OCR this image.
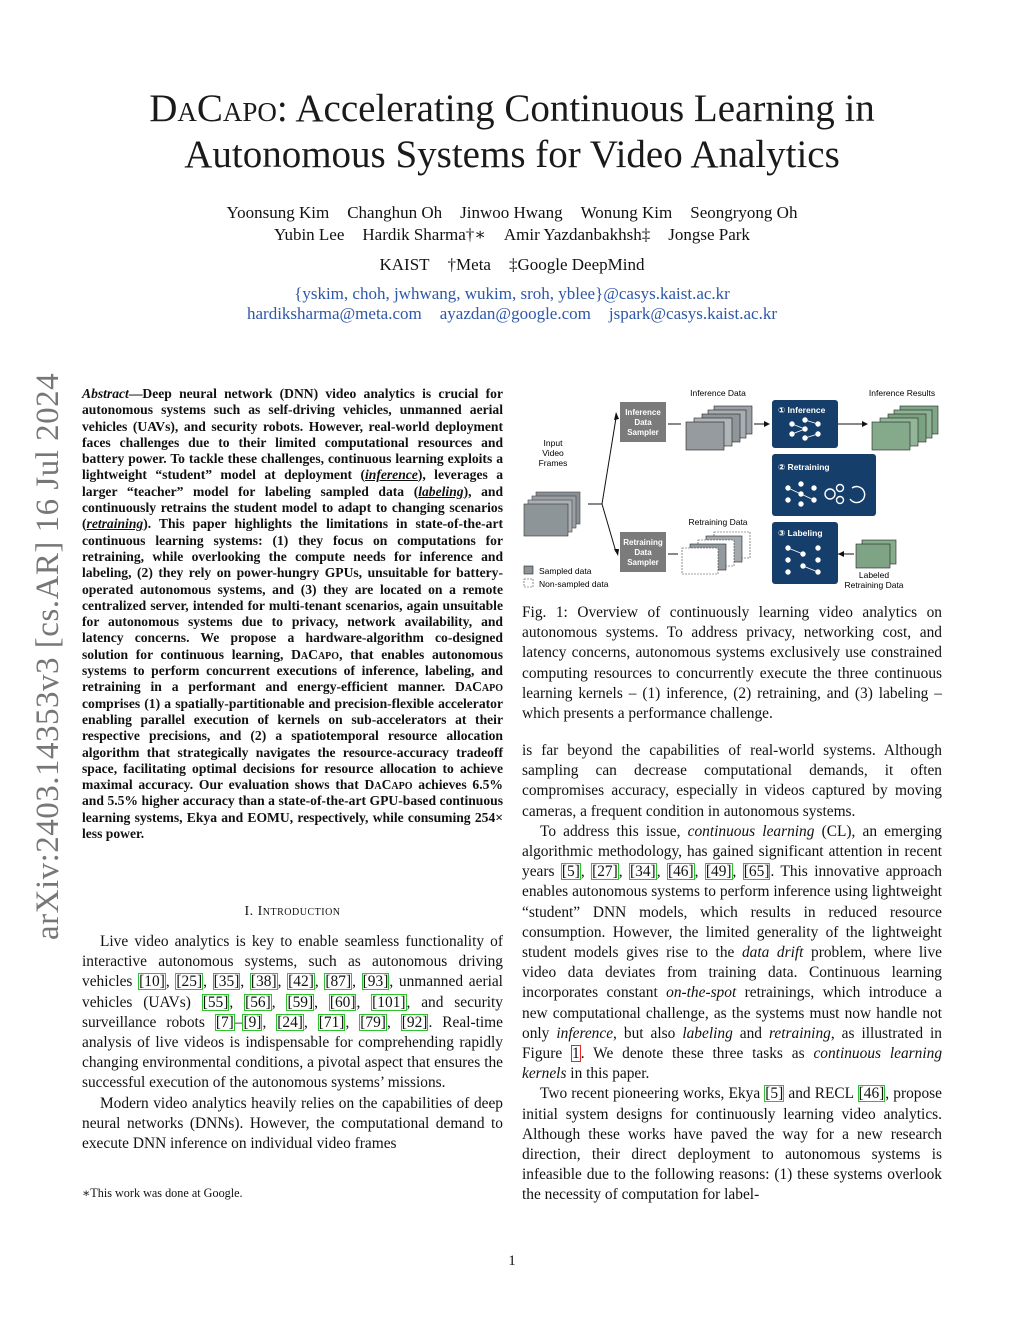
DaCapo: Accelerating Continuous Learning in
Autonomous Systems for Video Analytics
Yoonsung Kim Changhun Oh Jinwoo Hwang Wonung Kim Seongryong Oh
Yubin Lee Hardik Sharma†∗ Amir Yazdanbakhsh‡ Jongse Park
KAIST †Meta ‡Google DeepMind
{yskim, choh, jwhwang, wukim, sroh, yblee}@casys.kaist.ac.kr
hardiksharma@meta.com ayazdan@google.com jspark@casys.kaist.ac.kr
arXiv:2403.14353v3 [cs.AR] 16 Jul 2024 Abstract—Deep neural network (DNN) video analytics is crucial for autonomous systems such as self-driving vehicles, unmanned aerial vehicles (UAVs), and security robots. However, real-world deployment faces challenges due to their limited computational resources and battery power. To tackle these challenges, continuous learning exploits a lightweight “student” model at deployment (inference), leverages a larger “teacher” model for labeling sampled data (labeling), and continuously retrains the student model to adapt to changing scenarios (retraining). This paper highlights the limitations in state-of-the-art continuous learning systems: (1) they focus on computations for retraining, while overlooking the compute needs for inference and labeling, (2) they rely on power-hungry GPUs, unsuitable for battery-operated autonomous systems, and (3) they are located on a remote centralized server, intended for multi-tenant scenarios, again unsuitable for autonomous systems due to privacy, network availability, and latency concerns. We propose a hardware-algorithm co-designed solution for continuous learning, DaCapo, that enables autonomous systems to perform concurrent executions of inference, labeling, and retraining in a performant and energy-efficient manner. DaCapo comprises (1) a spatially-partitionable and precision-flexible accelerator enabling parallel execution of kernels on sub-accelerators at their respective precisions, and (2) a spatiotemporal resource allocation algorithm that strategically navigates the resource-accuracy tradeoff space, facilitating optimal decisions for resource allocation to achieve maximal accuracy. Our evaluation shows that DaCapo achieves 6.5% and 5.5% higher accuracy than a state-of-the-art GPU-based continuous learning systems, Ekya and EOMU, respectively, while consuming 254× less power.

I. Introduction

Live video analytics is key to enable seamless functionality of interactive autonomous systems, such as autonomous driving vehicles [10], [25], [35], [38], [42], [87], [93], unmanned aerial vehicles (UAVs) [55], [56], [59], [60], [101], and security surveillance robots [7]–[9], [24], [71], [79], [92]. Real-time analysis of live videos is indispensable for comprehending rapidly changing environmental conditions, a pivotal aspect that ensures the successful execution of the autonomous systems’ missions.

Modern video analytics heavily relies on the capabilities of deep neural networks (DNNs). However, the computational demand to execute DNN inference on individual video frames

∗This work was done at Google.
1
Input
Video
Frames
Inference
Data
Sampler
Retraining
Data
Sampler
Inference Data
Retraining Data
① Inference
② Retraining
③ Labeling
Inference Results
Labeled
Retraining Data
Sampled data
Non-sampled data
Fig. 1: Overview of continuously learning video analytics on autonomous systems. To address privacy, networking cost, and latency concerns, autonomous systems exclusively use constrained computing resources to concurrently execute the three continuous learning kernels – (1) inference, (2) retraining, and (3) labeling – which presents a performance challenge.

is far beyond the capabilities of real-world systems. Although sampling can decrease computational demands, it often compromises accuracy, especially in videos captured by moving cameras, a frequent condition in autonomous systems.

To address this issue, continuous learning (CL), an emerging algorithmic methodology, has gained significant attention in recent years [5], [27], [34], [46], [49], [65]. This innovative approach enables autonomous systems to perform inference using lightweight “student” DNN models, which results in reduced resource consumption. However, the limited generality of the lightweight student models gives rise to the data drift problem, where live video data deviates from training data. Continuous learning incorporates constant on-the-spot retrainings, which introduce a new computational challenge, as the systems must now handle not only inference, but also labeling and retraining, as illustrated in Figure 1. We denote these three tasks as continuous learning kernels in this paper.

Two recent pioneering works, Ekya [5] and RECL [46], propose initial system designs for continuously learning video analytics. Although these works have paved the way for a new research direction, their direct deployment to autonomous systems is infeasible due to the following reasons: (1) these systems overlook the necessity of computation for label-
